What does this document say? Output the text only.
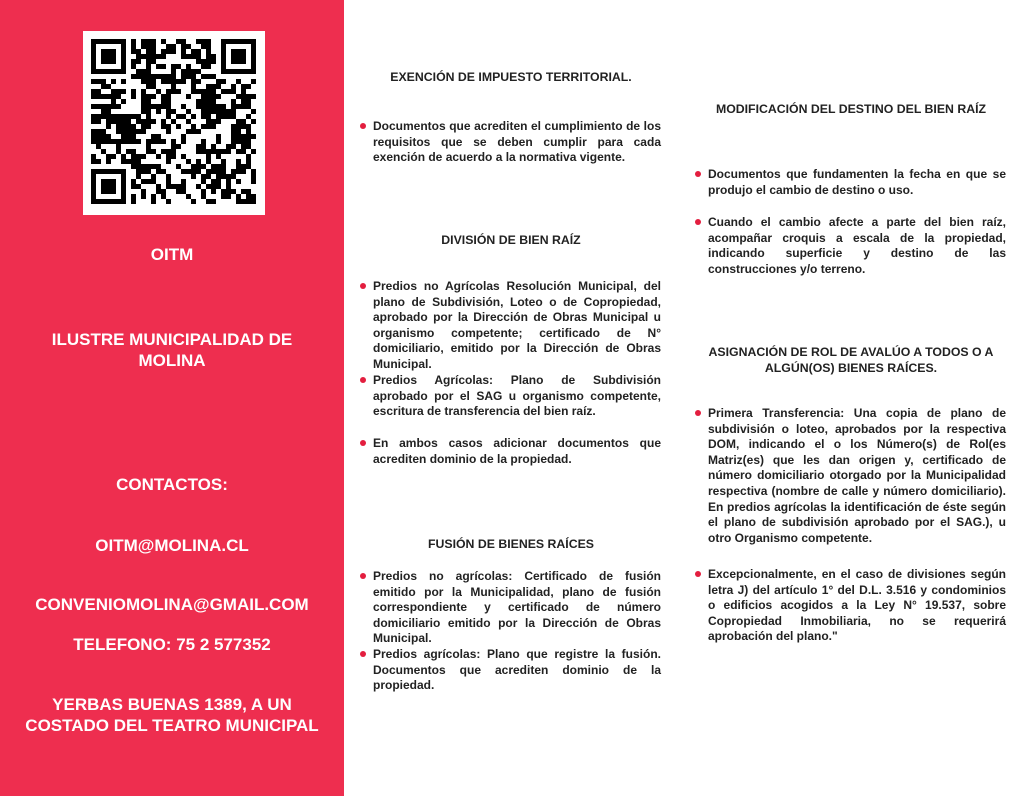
OITM
ILUSTRE MUNICIPALIDAD DE MOLINA
CONTACTOS:
OITM@MOLINA.CL
CONVENIOMOLINA@GMAIL.COM
TELEFONO: 75 2 577352
YERBAS BUENAS 1389, A UN COSTADO DEL TEATRO MUNICIPAL
EXENCIÓN DE IMPUESTO TERRITORIAL.
Documentos que acrediten el cumplimiento de los requisitos que se deben cumplir para cada exención de acuerdo a la normativa vigente.
DIVISIÓN DE BIEN RAÍZ
Predios no Agrícolas Resolución Municipal, del plano de Subdivisión, Loteo o de Copropiedad, aprobado por la Dirección de Obras Municipal u organismo competente; certificado de N° domiciliario, emitido por la Dirección de Obras Municipal.
Predios Agrícolas: Plano de Subdivisión aprobado por el SAG u organismo competente, escritura de transferencia del bien raíz.
En ambos casos adicionar documentos que acrediten dominio de la propiedad.
FUSIÓN DE BIENES RAÍCES
Predios no agrícolas: Certificado de fusión emitido por la Municipalidad, plano de fusión correspondiente y certificado de número domiciliario emitido por la Dirección de Obras Municipal.
Predios agrícolas: Plano que registre la fusión. Documentos que acrediten dominio de la propiedad.
MODIFICACIÓN DEL DESTINO DEL BIEN RAÍZ
Documentos que fundamenten la fecha en que se produjo el cambio de destino o uso.
Cuando el cambio afecte a parte del bien raíz, acompañar croquis a escala de la propiedad, indicando superficie y destino de las construcciones y/o terreno.
ASIGNACIÓN DE ROL DE AVALÚO A TODOS O A ALGÚN(OS) BIENES RAÍCES.
Primera Transferencia: Una copia de plano de subdivisión o loteo, aprobados por la respectiva DOM, indicando el o los Número(s) de Rol(es Matriz(es) que les dan origen y, certificado de número domiciliario otorgado por la Municipalidad respectiva (nombre de calle y número domiciliario). En predios agrícolas la identificación de éste según el plano de subdivisión aprobado por el SAG.), u otro Organismo competente.
Excepcionalmente, en el caso de divisiones según letra J) del artículo 1° del D.L. 3.516 y condominios o edificios acogidos a la Ley N° 19.537, sobre Copropiedad Inmobiliaria, no se requerirá aprobación del plano."
